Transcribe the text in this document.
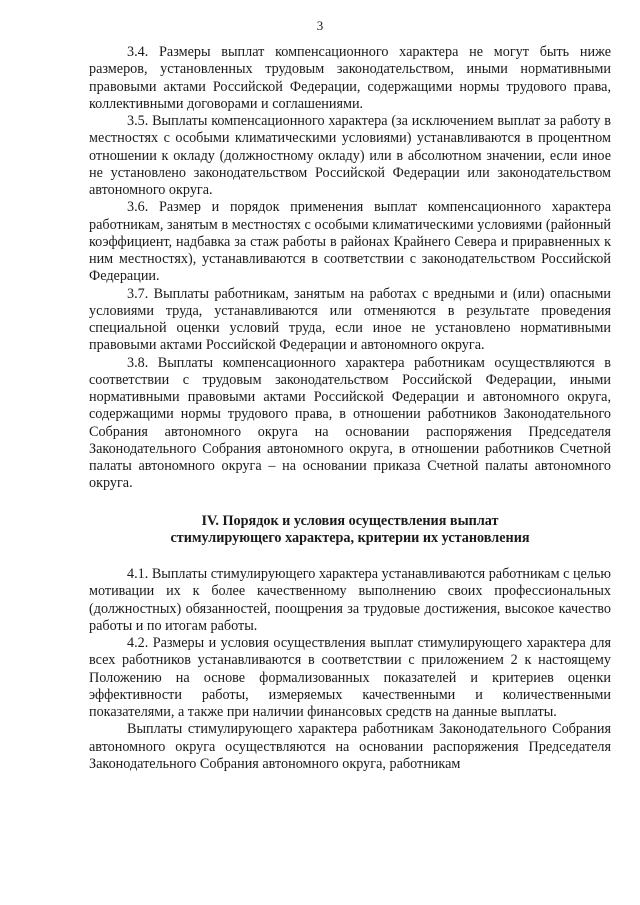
3

3.4. Размеры выплат компенсационного характера не могут быть ниже размеров, установленных трудовым законодательством, иными нормативными правовыми актами Российской Федерации, содержащими нормы трудового права, коллективными договорами и соглашениями.

3.5. Выплаты компенсационного характера (за исключением выплат за работу в местностях с особыми климатическими условиями) устанавливаются в процентном отношении к окладу (должностному окладу) или в абсолютном значении, если иное не установлено законодательством Российской Федерации или законодательством автономного округа.

3.6. Размер и порядок применения выплат компенсационного характера работникам, занятым в местностях с особыми климатическими условиями (районный коэффициент, надбавка за стаж работы в районах Крайнего Севера и приравненных к ним местностях), устанавливаются в соответствии с законодательством Российской Федерации.

3.7. Выплаты работникам, занятым на работах с вредными и (или) опасными условиями труда, устанавливаются или отменяются в результате проведения специальной оценки условий труда, если иное не установлено нормативными правовыми актами Российской Федерации и автономного округа.

3.8. Выплаты компенсационного характера работникам осуществляются в соответствии с трудовым законодательством Российской Федерации, иными нормативными правовыми актами Российской Федерации и автономного округа, содержащими нормы трудового права, в отношении работников Законодательного Собрания автономного округа на основании распоряжения Председателя Законодательного Собрания автономного округа, в отношении работников Счетной палаты автономного округа – на основании приказа Счетной палаты автономного округа.

IV. Порядок и условия осуществления выплат
стимулирующего характера, критерии их установления

4.1. Выплаты стимулирующего характера устанавливаются работникам с целью мотивации их к более качественному выполнению своих профессиональных (должностных) обязанностей, поощрения за трудовые достижения, высокое качество работы и по итогам работы.

4.2. Размеры и условия осуществления выплат стимулирующего характера для всех работников устанавливаются в соответствии с приложением 2 к настоящему Положению на основе формализованных показателей и критериев оценки эффективности работы, измеряемых качественными и количественными показателями, а также при наличии финансовых средств на данные выплаты.

Выплаты стимулирующего характера работникам Законодательного Собрания автономного округа осуществляются на основании распоряжения Председателя Законодательного Собрания автономного округа, работникам
